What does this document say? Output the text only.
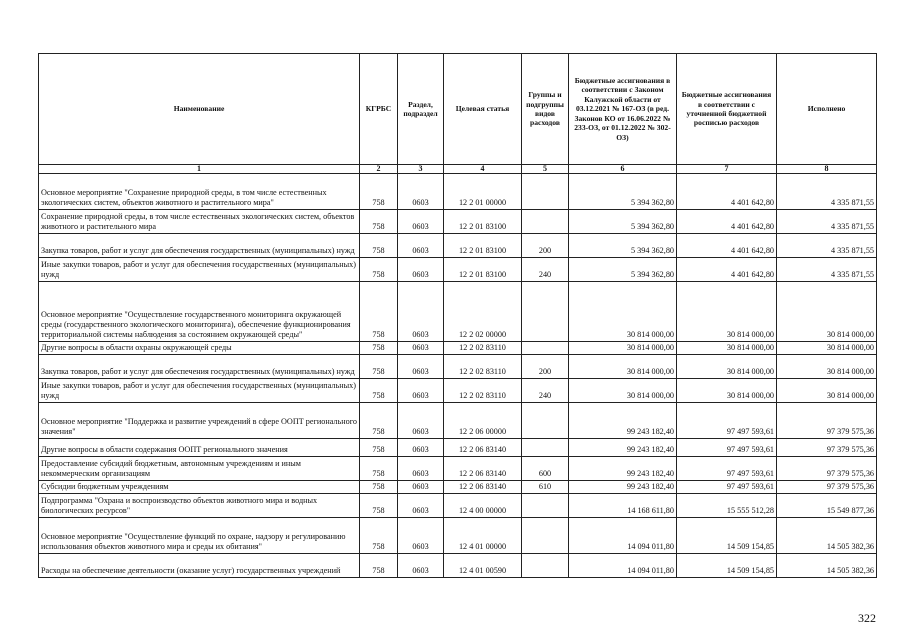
Наименование	КГРБС	Раздел, подраздел	Целевая статья	Группы и подгруппы видов расходов	Бюджетные ассигнования в соответствии с Законом Калужской области от 03.12.2021 № 167-ОЗ (в ред. Законов КО от 16.06.2022 № 233-ОЗ, от 01.12.2022 № 302-ОЗ)	Бюджетные ассигнования в соответствии с уточненной бюджетной росписью расходов	Исполнено
1	2	3	4	5	6	7	8
Основное мероприятие "Сохранение природной среды, в том числе естественных экологических систем, объектов животного и растительного мира"	758	0603	12 2 01 00000		5 394 362,80	4 401 642,80	4 335 871,55
Сохранение природной среды, в том числе естественных экологических систем, объектов животного и растительного мира	758	0603	12 2 01 83100		5 394 362,80	4 401 642,80	4 335 871,55
Закупка товаров, работ и услуг для обеспечения государственных (муниципальных) нужд	758	0603	12 2 01 83100	200	5 394 362,80	4 401 642,80	4 335 871,55
Иные закупки товаров, работ и услуг для обеспечения государственных (муниципальных) нужд	758	0603	12 2 01 83100	240	5 394 362,80	4 401 642,80	4 335 871,55
Основное мероприятие "Осуществление государственного мониторинга окружающей среды (государственного экологического мониторинга), обеспечение функционирования территориальной системы наблюдения за состоянием окружающей среды"	758	0603	12 2 02 00000		30 814 000,00	30 814 000,00	30 814 000,00
Другие вопросы в области охраны окружающей среды	758	0603	12 2 02 83110		30 814 000,00	30 814 000,00	30 814 000,00
Закупка товаров, работ и услуг для обеспечения государственных (муниципальных) нужд	758	0603	12 2 02 83110	200	30 814 000,00	30 814 000,00	30 814 000,00
Иные закупки товаров, работ и услуг для обеспечения государственных (муниципальных) нужд	758	0603	12 2 02 83110	240	30 814 000,00	30 814 000,00	30 814 000,00
Основное мероприятие "Поддержка и развитие учреждений в сфере ООПТ регионального значения"	758	0603	12 2 06 00000		99 243 182,40	97 497 593,61	97 379 575,36
Другие вопросы в области содержания ООПТ регионального значения	758	0603	12 2 06 83140		99 243 182,40	97 497 593,61	97 379 575,36
Предоставление субсидий бюджетным, автономным учреждениям и иным некоммерческим организациям	758	0603	12 2 06 83140	600	99 243 182,40	97 497 593,61	97 379 575,36
Субсидии бюджетным учреждениям	758	0603	12 2 06 83140	610	99 243 182,40	97 497 593,61	97 379 575,36
Подпрограмма "Охрана и воспроизводство объектов животного мира и водных биологических ресурсов"	758	0603	12 4 00 00000		14 168 611,80	15 555 512,28	15 549 877,36
Основное мероприятие "Осуществление функций по охране, надзору и регулированию использования объектов животного мира и среды их обитания"	758	0603	12 4 01 00000		14 094 011,80	14 509 154,85	14 505 382,36
Расходы на обеспечение деятельности (оказание услуг) государственных учреждений	758	0603	12 4 01 00590		14 094 011,80	14 509 154,85	14 505 382,36
322
